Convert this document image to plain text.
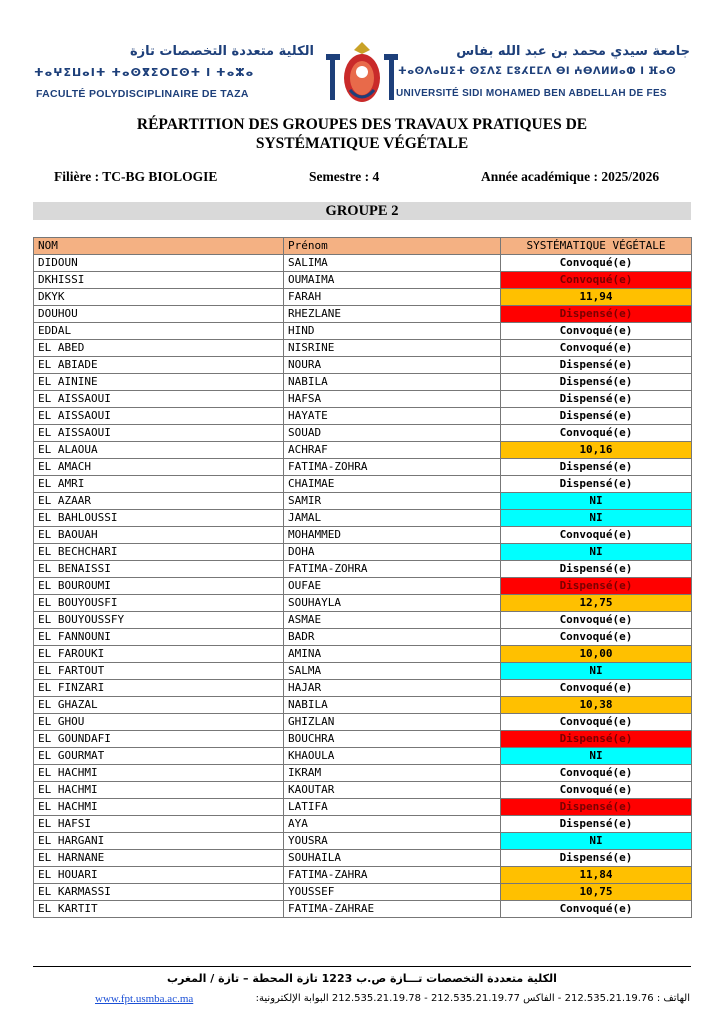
الكلية متعددة التخصصات تازة
ⵜⴰⵖⵉⵡⴰⵏⵜ ⵜⴰⵙⴳⵉⵔⵎⵙⵜ ⵏ ⵜⴰⵣⴰ
FACULTÉ POLYDISCIPLINAIRE DE TAZA
جامعة سيدي محمد بن عبد الله بفاس
ⵜⴰⵙⴷⴰⵡⵉⵜ ⵙⵉⴷⵉ ⵎⵓⵃⵎⵎⴷ ⴱⵏ ⵄⴱⴷⵍⵍⴰⵀ ⵏ ⴼⴰⵙ
UNIVERSITÉ SIDI MOHAMED BEN ABDELLAH DE FES
RÉPARTITION DES GROUPES DES TRAVAUX PRATIQUES DE
SYSTÉMATIQUE VÉGÉTALE
Filière : TC-BG BIOLOGIE	Semestre : 4	Année académique : 2025/2026
GROUPE 2
NOM	Prénom	SYSTÉMATIQUE VÉGÉTALE
DIDOUN	SALIMA	Convoqué(e)
DKHISSI	OUMAIMA	Convoqué(e)
DKYK	FARAH	11,94
DOUHOU	RHEZLANE	Dispensé(e)
EDDAL	HIND	Convoqué(e)
EL ABED	NISRINE	Convoqué(e)
EL ABIADE	NOURA	Dispensé(e)
EL AININE	NABILA	Dispensé(e)
EL AISSAOUI	HAFSA	Dispensé(e)
EL AISSAOUI	HAYATE	Dispensé(e)
EL AISSAOUI	SOUAD	Convoqué(e)
EL ALAOUA	ACHRAF	10,16
EL AMACH	FATIMA-ZOHRA	Dispensé(e)
EL AMRI	CHAIMAE	Dispensé(e)
EL AZAAR	SAMIR	NI
EL BAHLOUSSI	JAMAL	NI
EL BAOUAH	MOHAMMED	Convoqué(e)
EL BECHCHARI	DOHA	NI
EL BENAISSI	FATIMA-ZOHRA	Dispensé(e)
EL BOUROUMI	OUFAE	Dispensé(e)
EL BOUYOUSFI	SOUHAYLA	12,75
EL BOUYOUSSFY	ASMAE	Convoqué(e)
EL FANNOUNI	BADR	Convoqué(e)
EL FAROUKI	AMINA	10,00
EL FARTOUT	SALMA	NI
EL FINZARI	HAJAR	Convoqué(e)
EL GHAZAL	NABILA	10,38
EL GHOU	GHIZLAN	Convoqué(e)
EL GOUNDAFI	BOUCHRA	Dispensé(e)
EL GOURMAT	KHAOULA	NI
EL HACHMI	IKRAM	Convoqué(e)
EL HACHMI	KAOUTAR	Convoqué(e)
EL HACHMI	LATIFA	Dispensé(e)
EL HAFSI	AYA	Dispensé(e)
EL HARGANI	YOUSRA	NI
EL HARNANE	SOUHAILA	Dispensé(e)
EL HOUARI	FATIMA-ZAHRA	11,84
EL KARMASSI	YOUSSEF	10,75
EL KARTIT	FATIMA-ZAHRAE	Convoqué(e)
الكلية متعددة التخصصات تـــازة ص.ب 1223 تازة المحطة – تازة / المغرب
www.fpt.usmba.ac.ma	الهاتف : 212.535.21.19.76 - الفاكس 212.535.21.19.77 - 212.535.21.19.78 البوابة الإلكترونية:
